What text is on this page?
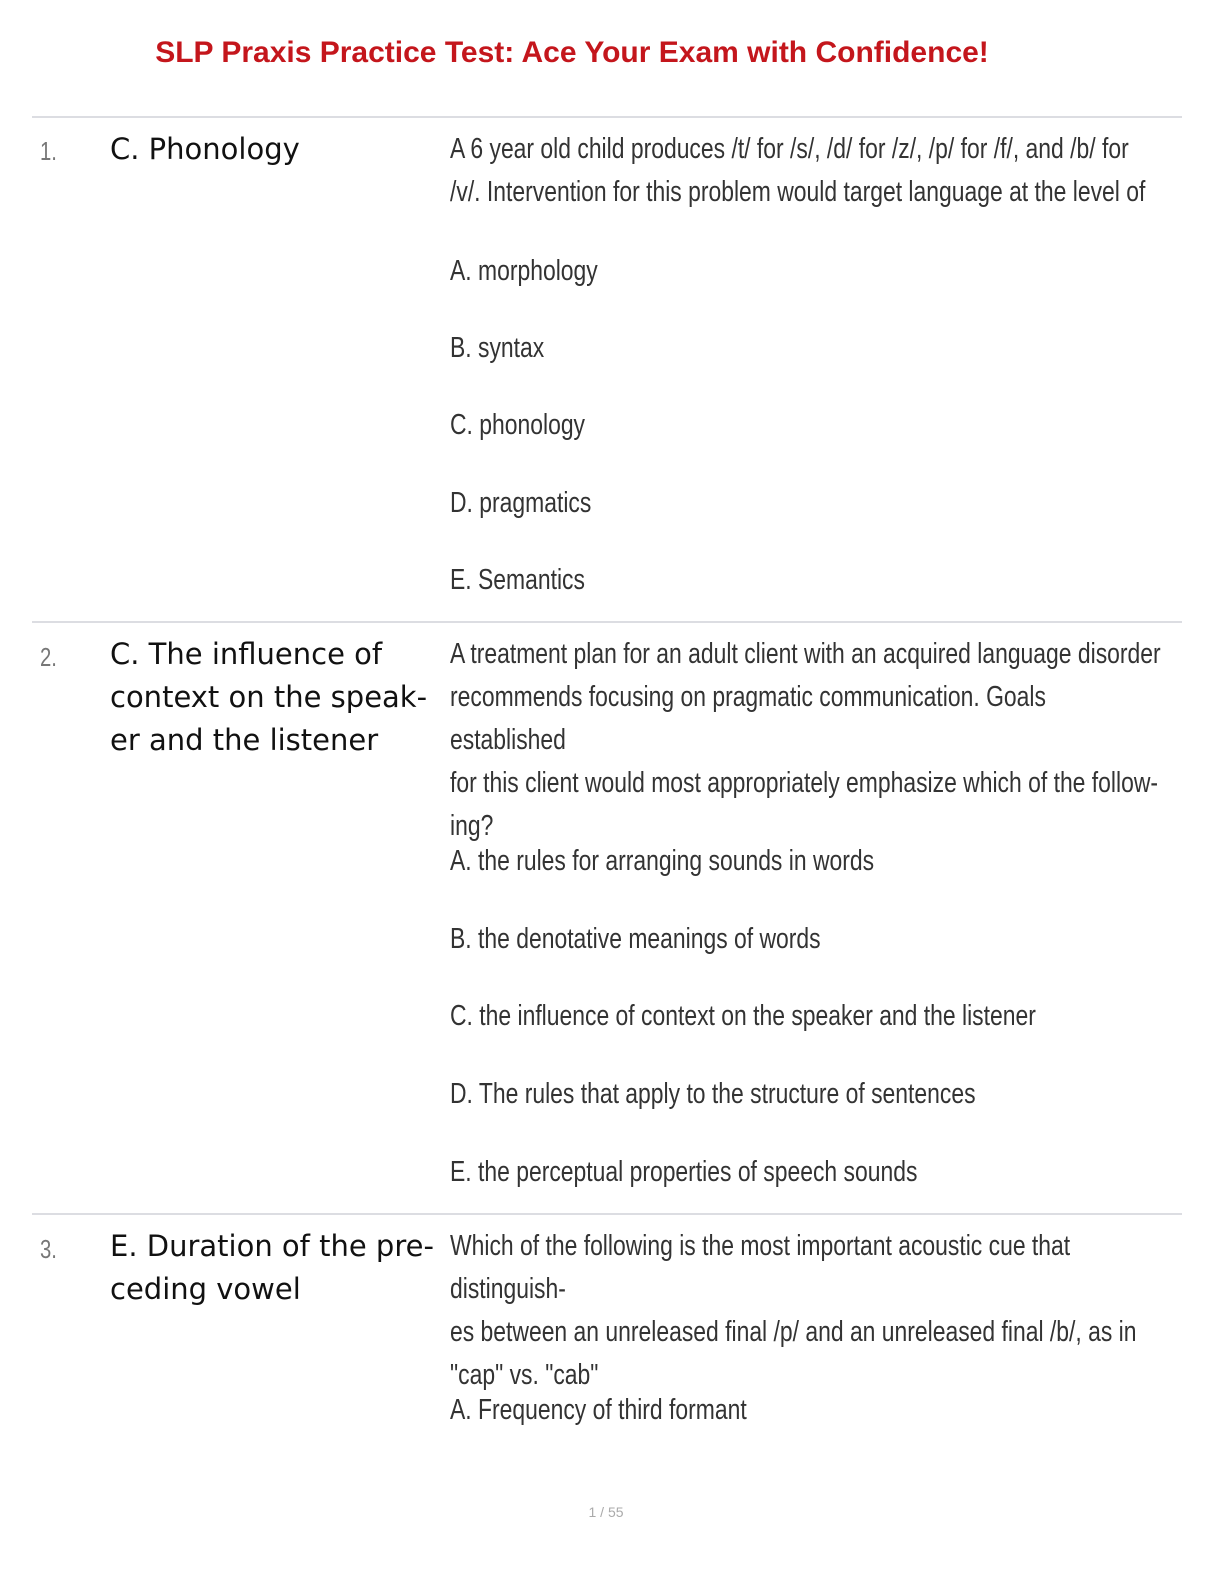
SLP Praxis Practice Test: Ace Your Exam with Confidence!
1. C. Phonology	A 6 year old child produces /t/ for /s/, /d/ for /z/, /p/ for /f/, and /b/ for
/v/. Intervention for this problem would target language at the level of
A. morphology
B. syntax
C. phonology
D. pragmatics
E. Semantics
2. C. The influence of
context on the speak-
er and the listener
A treatment plan for an adult client with an acquired language disorder
recommends focusing on pragmatic communication. Goals established
for this client would most appropriately emphasize which of the follow-
ing?
A. the rules for arranging sounds in words
B. the denotative meanings of words
C. the influence of context on the speaker and the listener
D. The rules that apply to the structure of sentences
E. the perceptual properties of speech sounds
3. E. Duration of the pre-
ceding vowel
Which of the following is the most important acoustic cue that distinguish-
es between an unreleased final /p/ and an unreleased final /b/, as in
"cap" vs. "cab"
A. Frequency of third formant
1 / 55
